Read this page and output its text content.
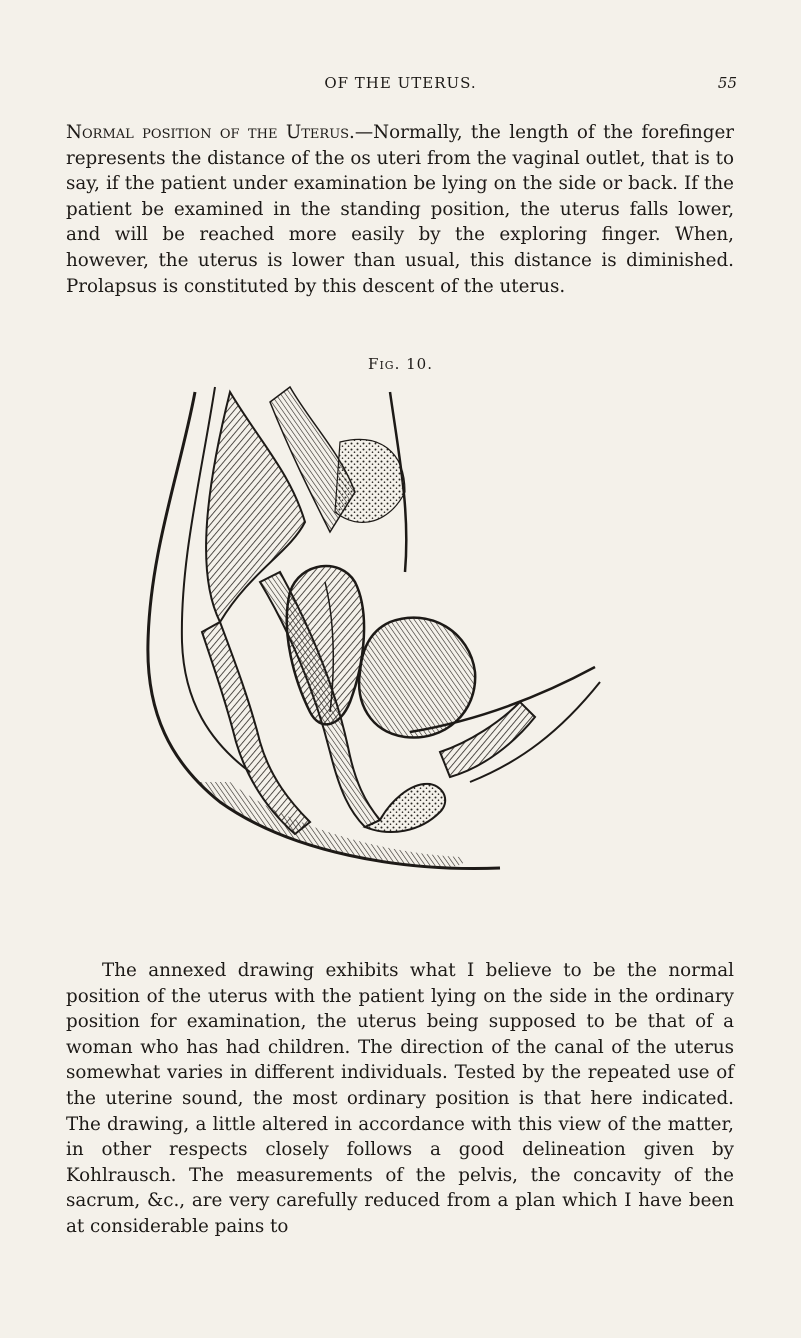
OF THE UTERUS.	55

Normal position of the Uterus.—Normally, the length of the forefinger represents the distance of the os uteri from the vaginal outlet, that is to say, if the patient under examination be lying on the side or back. If the patient be examined in the standing position, the uterus falls lower, and will be reached more easily by the exploring finger. When, however, the uterus is lower than usual, this distance is diminished. Prolapsus is constituted by this descent of the uterus.

Fig. 10.

The annexed drawing exhibits what I believe to be the normal position of the uterus with the patient lying on the side in the ordinary position for examination, the uterus being supposed to be that of a woman who has had children. The direction of the canal of the uterus somewhat varies in different individuals. Tested by the repeated use of the uterine sound, the most ordinary position is that here indicated. The drawing, a little altered in accordance with this view of the matter, in other respects closely follows a good delineation given by Kohlrausch. The measurements of the pelvis, the concavity of the sacrum, &c., are very carefully reduced from a plan which I have been at considerable pains to
